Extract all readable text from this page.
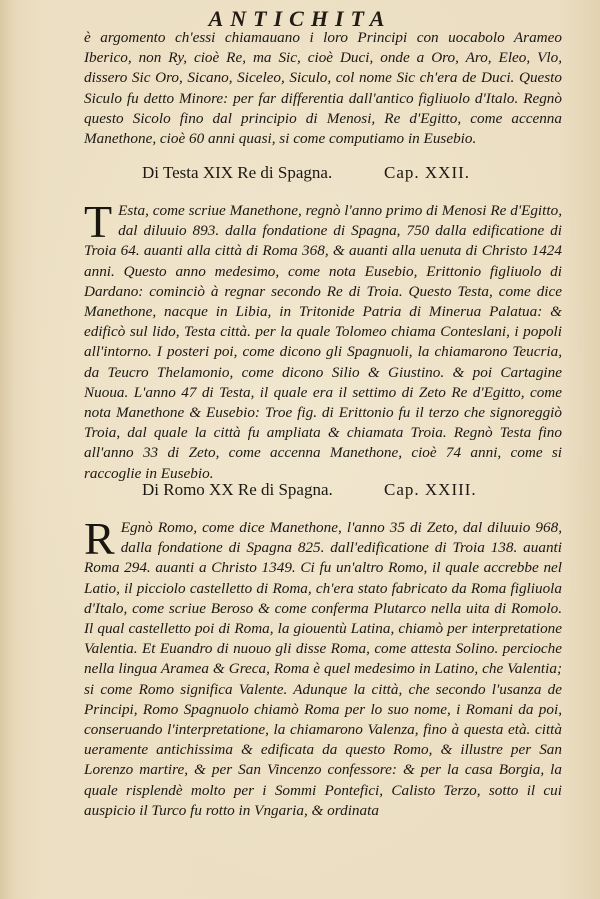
ANTICHITA

è argomento ch'essi chiamauano i loro Principi con uocabolo Arameo Iberico, non Ry, cioè Re, ma Sic, cioè Duci, onde a Oro, Aro, Eleo, Vlo, dissero Sic Oro, Sicano, Siceleo, Siculo, col nome Sic ch'era de Duci. Questo Siculo fu detto Minore: per far differentia dall'antico figliuolo d'Italo. Regnò questo Sicolo fino dal principio di Menosi, Re d'Egitto, come accenna Manethone, cioè 60 anni quasi, si come computiamo in Eusebio.

Di Testa XIX Re di Spagna.	Cap. XXII.

T Esta, come scriue Manethone, regnò l'anno primo di Menosi Re d'Egitto, dal diluuio 893. dalla fondatione di Spagna, 750 dalla edificatione di Troia 64. auanti alla città di Roma 368, & auanti alla uenuta di Christo 1424 anni. Questo anno medesimo, come nota Eusebio, Erittonio figliuolo di Dardano: cominciò à regnar secondo Re di Troia. Questo Testa, come dice Manethone, nacque in Libia, in Tritonide Patria di Minerua Palatua: & edificò sul lido, Testa città. per la quale Tolomeo chiama Conteslani, i popoli all'intorno. I posteri poi, come dicono gli Spagnuoli, la chiamarono Teucria, da Teucro Thelamonio, come dicono Silio & Giustino. & poi Cartagine Nuoua. L'anno 47 di Testa, il quale era il settimo di Zeto Re d'Egitto, come nota Manethone & Eusebio: Troe fig. di Erittonio fu il terzo che signoreggiò Troia, dal quale la città fu ampliata & chiamata Troia. Regnò Testa fino all'anno 33 di Zeto, come accenna Manethone, cioè 74 anni, come si raccoglie in Eusebio.

Di Romo XX Re di Spagna.	Cap. XXIII.

R Egnò Romo, come dice Manethone, l'anno 35 di Zeto, dal diluuio 968, dalla fondatione di Spagna 825. dall'edificatione di Troia 138. auanti Roma 294. auanti a Christo 1349. Ci fu un'altro Romo, il quale accrebbe nel Latio, il picciolo castelletto di Roma, ch'era stato fabricato da Roma figliuola d'Italo, come scriue Beroso & come conferma Plutarco nella uita di Romolo. Il qual castelletto poi di Roma, la giouentù Latina, chiamò per interpretatione Valentia. Et Euandro di nuouo gli disse Roma, come attesta Solino. percioche nella lingua Aramea & Greca, Roma è quel medesimo in Latino, che Valentia; si come Romo significa Valente. Adunque la città, che secondo l'usanza de Principi, Romo Spagnuolo chiamò Roma per lo suo nome, i Romani da poi, conseruando l'interpretatione, la chiamarono Valenza, fino à questa età. città ueramente antichissima & edificata da questo Romo, & illustre per San Lorenzo martire, & per San Vincenzo confessore: & per la casa Borgia, la quale risplendè molto per i Sommi Pontefici, Calisto Terzo, sotto il cui auspicio il Turco fu rotto in Vngaria, & ordinata
